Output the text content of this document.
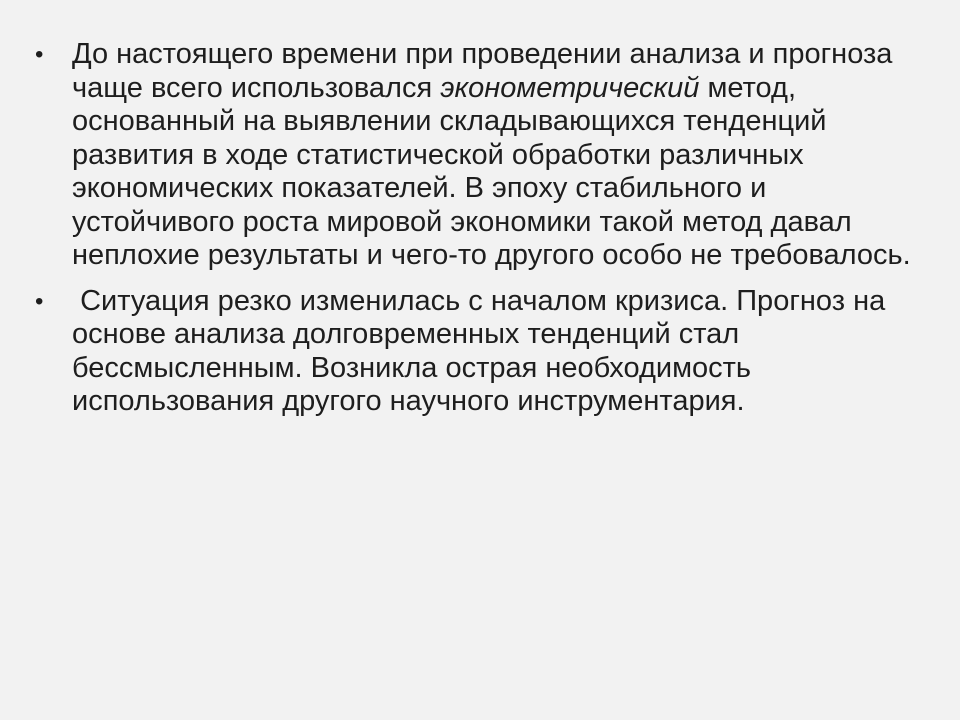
• До настоящего времени при проведении анализа и прогноза чаще всего использовался эконометрический метод, основанный на выявлении складывающихся тенденций развития в ходе статистической обработки различных экономических показателей. В эпоху стабильного и устойчивого роста мировой экономики такой метод давал неплохие результаты и чего-то другого особо не требовалось.
• Ситуация резко изменилась с началом кризиса. Прогноз на основе анализа долговременных тенденций стал бессмысленным. Возникла острая необходимость использования другого научного инструментария.
